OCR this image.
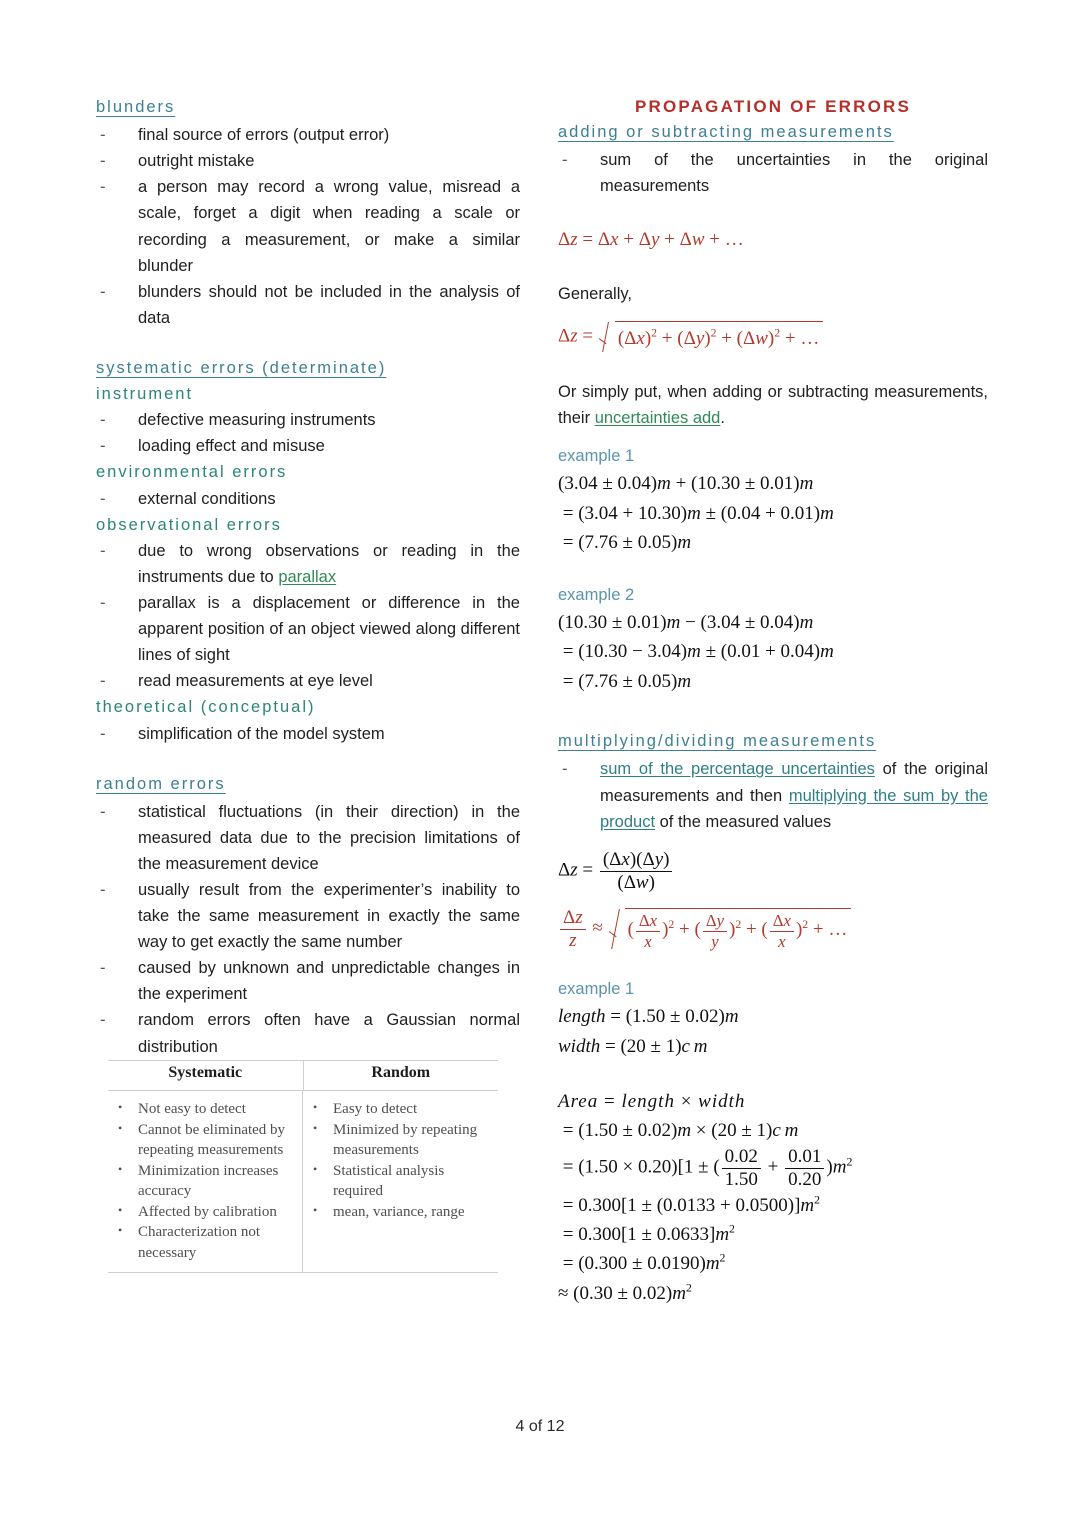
blunders
- final source of errors (output error)
- outright mistake
- a person may record a wrong value, misread a scale, forget a digit when reading a scale or recording a measurement, or make a similar blunder
- blunders should not be included in the analysis of data
systematic errors (determinate)
instrument
- defective measuring instruments
- loading effect and misuse
environmental errors
- external conditions
observational errors
- due to wrong observations or reading in the instruments due to parallax
- parallax is a displacement or difference in the apparent position of an object viewed along different lines of sight
- read measurements at eye level
theoretical (conceptual)
- simplification of the model system
random errors
- statistical fluctuations (in their direction) in the measured data due to the precision limitations of the measurement device
- usually result from the experimenter’s inability to take the same measurement in exactly the same way to get exactly the same number
- caused by unknown and unpredictable changes in the experiment
- random errors often have a Gaussian normal distribution
Systematic	Random
• Not easy to detect
• Cannot be eliminated by repeating measurements
• Minimization increases accuracy
• Affected by calibration
• Characterization not necessary
• Easy to detect
• Minimized by repeating measurements
• Statistical analysis required
• mean, variance, range
PROPAGATION OF ERRORS
adding or subtracting measurements
- sum of the uncertainties in the original measurements
Δz = Δx + Δy + Δw + …

Generally,

$\Delta z = (\Delta x)^2 + (\Delta y)^2 + (\Delta w)^2$ + …

Or simply put, when adding or subtracting measurements, their uncertainties add.

example 1
(3.04 ± 0.04)m + (10.30 ± 0.01)m
= (3.04 + 10.30)m ± (0.04 + 0.01)m
= (7.76 ± 0.05)m
example 2
(10.30 ± 0.01)m − (3.04 ± 0.04)m
= (10.30 − 3.04)m ± (0.01 + 0.04)m
= (7.76 ± 0.05)m
multiplying/dividing measurements
- sum of the percentage uncertainties of the original measurements and then multiplying the sum by the product of the measured values
$\Delta z = \frac{(\Delta x)(\Delta y)}{(\Delta w)}$
$\frac{\Delta z}{z}$ ≈ ( $\frac{\Delta x}{x} )^2$ + ( $\frac{\Delta y}{y} )^2$ + ( $\frac{\Delta x}{x} )^2$ + …
example 1
length = (1.50 ± 0.02)m
width = (20 ± 1)c m
Area = length × width
= (1.50 ± 0.02)m × (20 ± 1)c m
= (1.50 × 0.20)[1 ± ( $\frac{0.02}{1.50} + \frac{0.01}{0.20} )m^2$
= $0.300[1 \pm (0.0133 + 0.0500)]m^2$
= $0.300[1 \pm 0.0633]m^2$
= $(0.300 \pm 0.0190)m^2$
≈ $(0.30 \pm 0.02)m^2$
4 of 12
